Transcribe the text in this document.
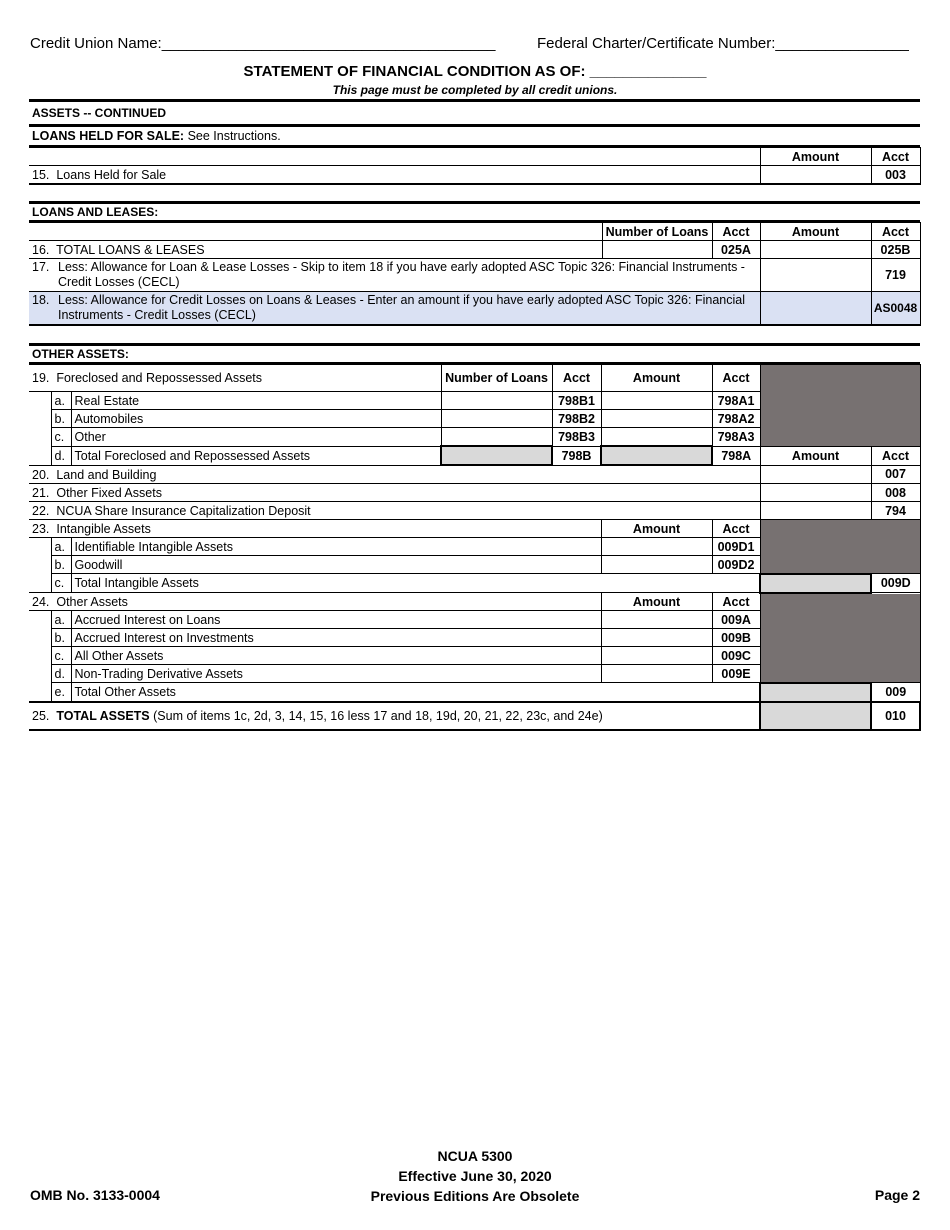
Credit Union Name:________________________________________	Federal Charter/Certificate Number:________________
STATEMENT OF FINANCIAL CONDITION AS OF: ______________
This page must be completed by all credit unions.
ASSETS -- CONTINUED
LOANS HELD FOR SALE: See Instructions.
	Amount	Acct
15. Loans Held for Sale		003
LOANS AND LEASES:
	Number of Loans	Acct	Amount	Acct
16. TOTAL LOANS & LEASES		025A		025B

17. Less: Allowance for Loan & Lease Losses - Skip to item 18 if you have early adopted ASC Topic 326: Financial Instruments - Credit Losses (CECL)				719

18. Less: Allowance for Credit Losses on Loans & Leases - Enter an amount if you have early adopted ASC Topic 326: Financial Instruments - Credit Losses (CECL)				AS0048
OTHER ASSETS:
19. Foreclosed and Repossessed Assets			Number of Loans	Acct	Amount	Acct		
	a.	Real Estate		798B1		798A1		
	b.	Automobiles		798B2		798A2		
	c.	Other		798B3		798A3		
	d.	Total Foreclosed and Repossessed Assets		798B		798A	Amount	Acct
20. Land and Building								007
21. Other Fixed Assets								008
22. NCUA Share Insurance Capitalization Deposit								794
23. Intangible Assets					Amount	Acct		
	a.	Identifiable Intangible Assets				009D1		
	b.	Goodwill				009D2		
	c.	Total Intangible Assets						009D
24. Other Assets					Amount	Acct		
	a.	Accrued Interest on Loans				009A		
	b.	Accrued Interest on Investments				009B		
	c.	All Other Assets				009C		
	d.	Non-Trading Derivative Assets				009E		
	e.	Total Other Assets						009
25. TOTAL ASSETS (Sum of items 1c, 2d, 3, 14, 15, 16 less 17 and 18, 19d, 20, 21, 22, 23c, and 24e)								010
NCUA 5300
Effective June 30, 2020
Previous Editions Are Obsolete
OMB No. 3133-0004	Page 2
